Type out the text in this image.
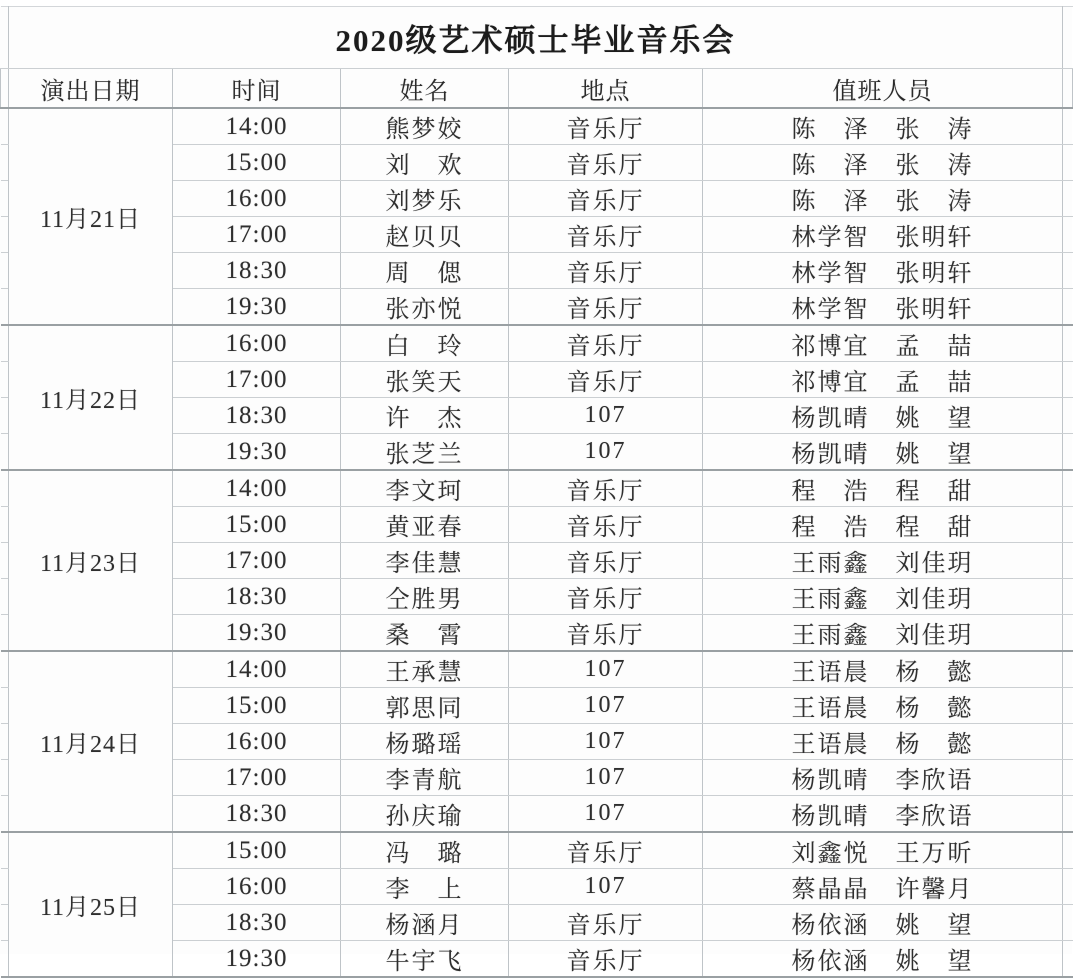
	2020级艺术硕士毕业音乐会					
	演出日期	时间	姓名	地点	值班人员	
	11月21日	14:00	熊梦姣	音乐厅	陈　泽　张　涛	
		15:00	刘　欢	音乐厅	陈　泽　张　涛	
		16:00	刘梦乐	音乐厅	陈　泽　张　涛	
		17:00	赵贝贝	音乐厅	林学智　张明轩	
		18:30	周　偲	音乐厅	林学智　张明轩	
		19:30	张亦悦	音乐厅	林学智　张明轩	
	11月22日	16:00	白　玲	音乐厅	祁博宜　孟　喆	
		17:00	张笑天	音乐厅	祁博宜　孟　喆	
		18:30	许　杰	107	杨凯晴　姚　望	
		19:30	张芝兰	107	杨凯晴　姚　望	
	11月23日	14:00	李文珂	音乐厅	程　浩　程　甜	
		15:00	黄亚春	音乐厅	程　浩　程　甜	
		17:00	李佳慧	音乐厅	王雨鑫　刘佳玥	
		18:30	仝胜男	音乐厅	王雨鑫　刘佳玥	
		19:30	桑　霄	音乐厅	王雨鑫　刘佳玥	
	11月24日	14:00	王承慧	107	王语晨　杨　懿	
		15:00	郭思同	107	王语晨　杨　懿	
		16:00	杨璐瑶	107	王语晨　杨　懿	
		17:00	李青航	107	杨凯晴　李欣语	
		18:30	孙庆瑜	107	杨凯晴　李欣语	
	11月25日	15:00	冯　璐	音乐厅	刘鑫悦　王万昕	
		16:00	李　上	107	蔡晶晶　许馨月	
		18:30	杨涵月	音乐厅	杨依涵　姚　望	
		19:30	牛宇飞	音乐厅	杨依涵　姚　望	
